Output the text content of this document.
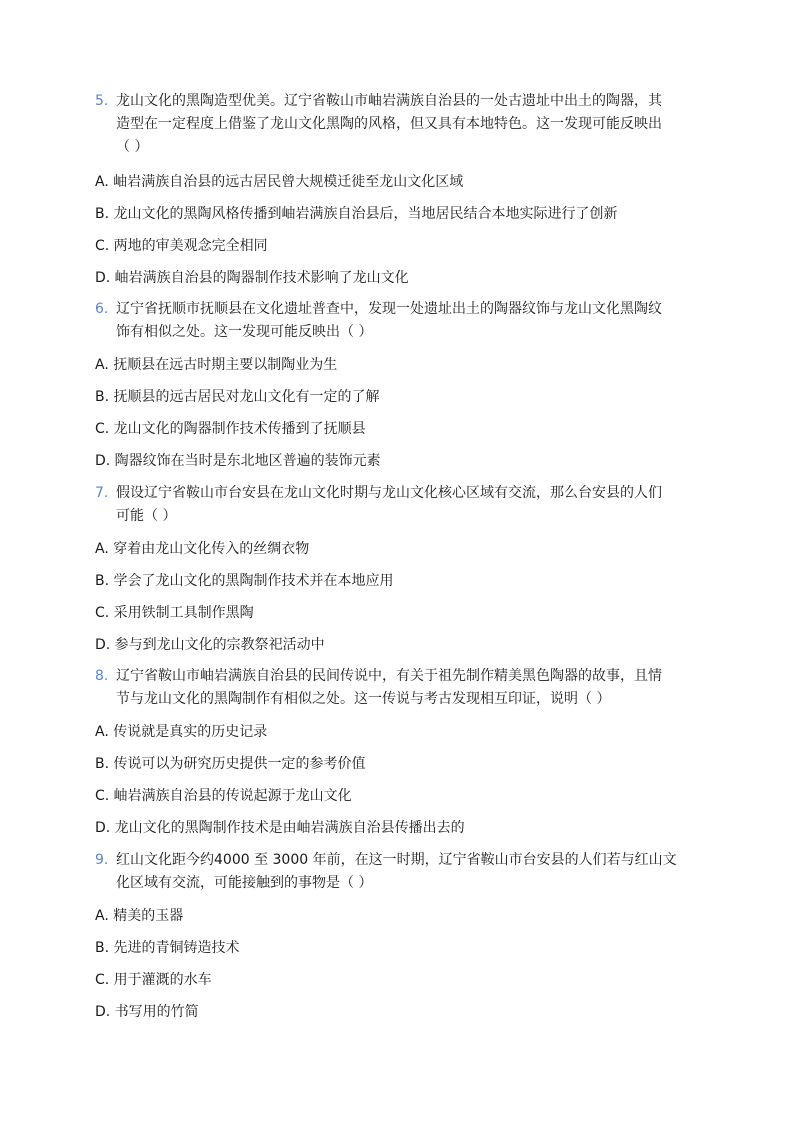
5. 龙山文化的黑陶造型优美。辽宁省鞍山市岫岩满族自治县的一处古遗址中出土的陶器，其
造型在一定程度上借鉴了龙山文化黑陶的风格，但又具有本地特色。这一发现可能反映出
（ ）
A. 岫岩满族自治县的远古居民曾大规模迁徙至龙山文化区域
B. 龙山文化的黑陶风格传播到岫岩满族自治县后，当地居民结合本地实际进行了创新
C. 两地的审美观念完全相同
D. 岫岩满族自治县的陶器制作技术影响了龙山文化
6. 辽宁省抚顺市抚顺县在文化遗址普查中，发现一处遗址出土的陶器纹饰与龙山文化黑陶纹
饰有相似之处。这一发现可能反映出（ ）
A. 抚顺县在远古时期主要以制陶业为生
B. 抚顺县的远古居民对龙山文化有一定的了解
C. 龙山文化的陶器制作技术传播到了抚顺县
D. 陶器纹饰在当时是东北地区普遍的装饰元素
7. 假设辽宁省鞍山市台安县在龙山文化时期与龙山文化核心区域有交流，那么台安县的人们
可能（ ）
A. 穿着由龙山文化传入的丝绸衣物
B. 学会了龙山文化的黑陶制作技术并在本地应用
C. 采用铁制工具制作黑陶
D. 参与到龙山文化的宗教祭祀活动中
8. 辽宁省鞍山市岫岩满族自治县的民间传说中，有关于祖先制作精美黑色陶器的故事，且情
节与龙山文化的黑陶制作有相似之处。这一传说与考古发现相互印证，说明（ ）
A. 传说就是真实的历史记录
B. 传说可以为研究历史提供一定的参考价值
C. 岫岩满族自治县的传说起源于龙山文化
D. 龙山文化的黑陶制作技术是由岫岩满族自治县传播出去的
9. 红山文化距今约4000 至 3000 年前，在这一时期，辽宁省鞍山市台安县的人们若与红山文
化区域有交流，可能接触到的事物是（ ）
A. 精美的玉器
B. 先进的青铜铸造技术
C. 用于灌溉的水车
D. 书写用的竹简
